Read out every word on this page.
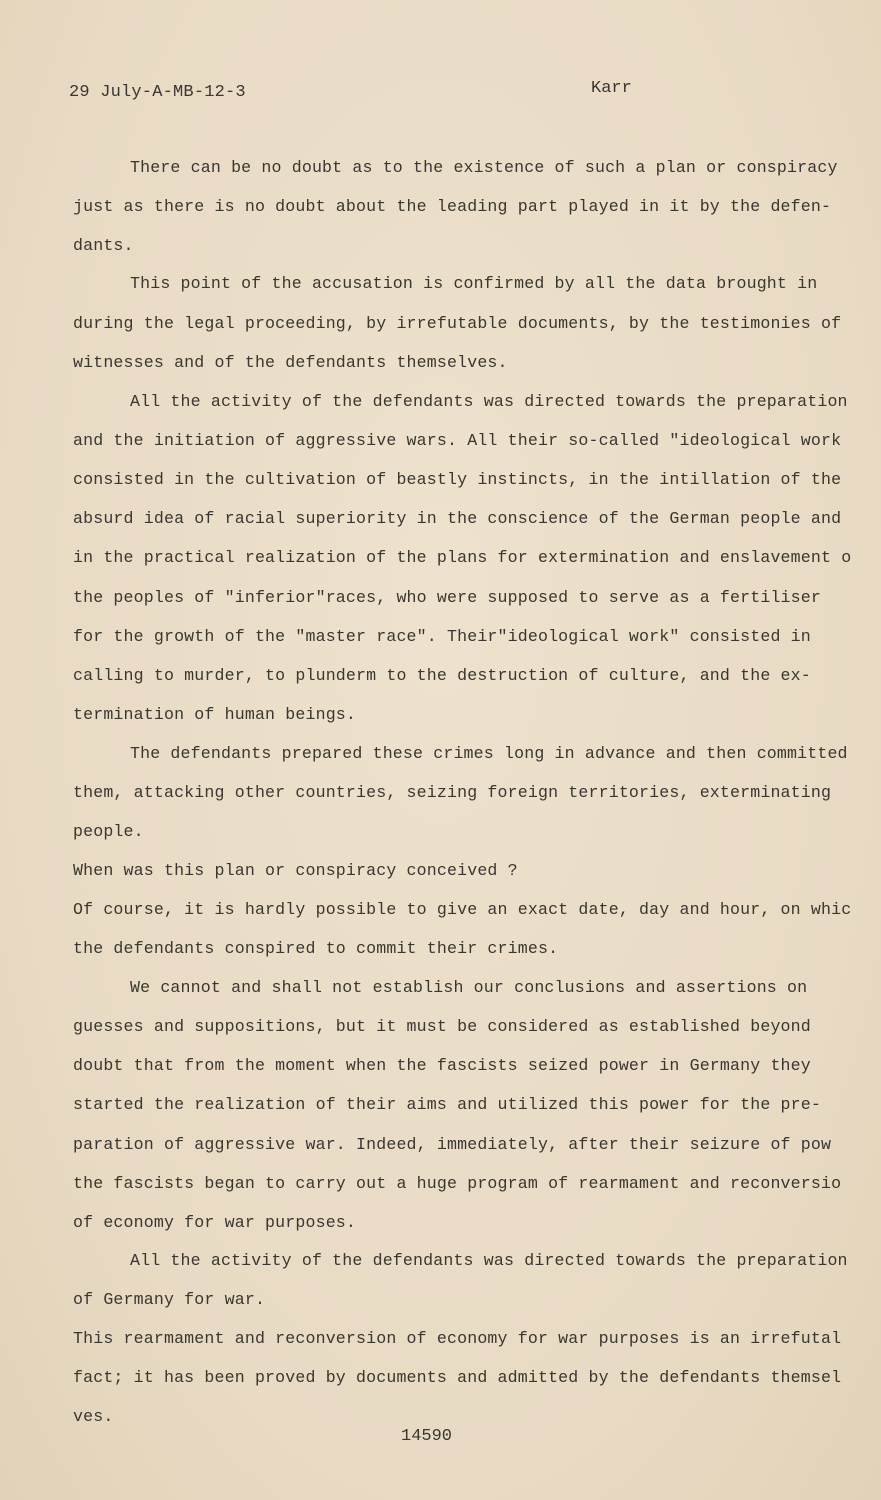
29 July-A-MB-12-3	Karr
There can be no doubt as to the existence of such a plan or conspiracy
just as there is no doubt about the leading part played in it by the defen-
dants.
This point of the accusation is confirmed by all the data brought in
during the legal proceeding, by irrefutable documents, by the testimonies of
witnesses and of the defendants themselves.
All the activity of the defendants was directed towards the preparation
and the initiation of aggressive wars. All their so-called "ideological work
consisted in the cultivation of beastly instincts, in the intillation of the
absurd idea of racial superiority in the conscience of the German people and
in the practical realization of the plans for extermination and enslavement o
the peoples of "inferior"races, who were supposed to serve as a fertiliser
for the growth of the "master race". Their"ideological work" consisted in
calling to murder, to plunderm to the destruction of culture, and the ex-
termination of human beings.
The defendants prepared these crimes long in advance and then committed
them, attacking other countries, seizing foreign territories, exterminating
people.
When was this plan or conspiracy conceived ?
Of course, it is hardly possible to give an exact date, day and hour, on whic
the defendants conspired to commit their crimes.
We cannot and shall not establish our conclusions and assertions on
guesses and suppositions, but it must be considered as established beyond
doubt that from the moment when the fascists seized power in Germany they
started the realization of their aims and utilized this power for the pre-
paration of aggressive war. Indeed, immediately, after their seizure of pow
the fascists began to carry out a huge program of rearmament and reconversio
of economy for war purposes.
All the activity of the defendants was directed towards the preparation
of Germany for war.
This rearmament and reconversion of economy for war purposes is an irrefutal
fact; it has been proved by documents and admitted by the defendants themsel
ves.
14590
